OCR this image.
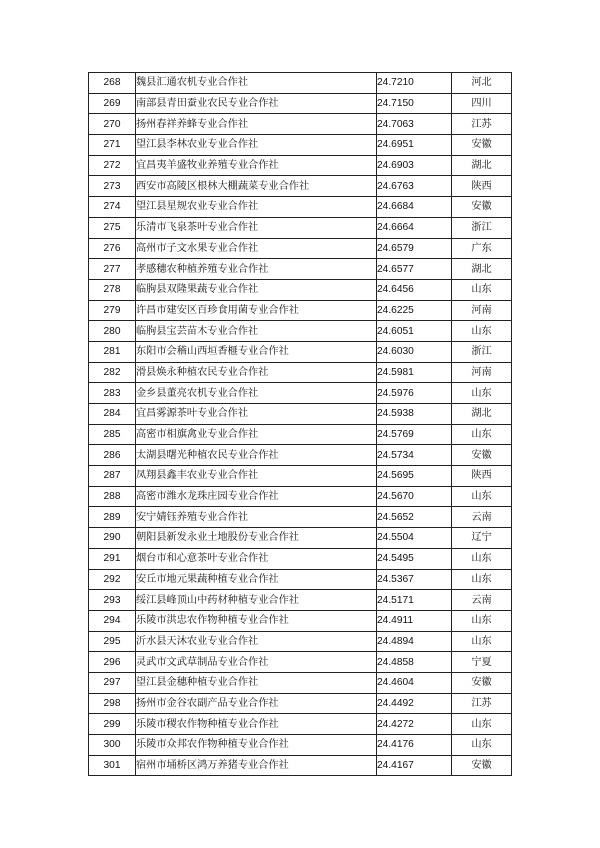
268	魏县汇通农机专业合作社	24.7210	河北
269	南部县青田蚕业农民专业合作社	24.7150	四川
270	扬州春祥养蜂专业合作社	24.7063	江苏
271	望江县李林农业专业合作社	24.6951	安徽
272	宜昌夷羊盛牧业养殖专业合作社	24.6903	湖北
273	西安市高陵区根林大棚蔬菜专业合作社	24.6763	陕西
274	望江县星规农业专业合作社	24.6684	安徽
275	乐清市飞泉茶叶专业合作社	24.6664	浙江
276	高州市子文水果专业合作社	24.6579	广东
277	孝感穗农种植养殖专业合作社	24.6577	湖北
278	临朐县双隆果蔬专业合作社	24.6456	山东
279	许昌市建安区百珍食用菌专业合作社	24.6225	河南
280	临朐县宝芸苗木专业合作社	24.6051	山东
281	东阳市会稽山西垣香榧专业合作社	24.6030	浙江
282	滑县焕永种植农民专业合作社	24.5981	河南
283	金乡县董亮农机专业合作社	24.5976	山东
284	宜昌雾源茶叶专业合作社	24.5938	湖北
285	高密市相旗禽业专业合作社	24.5769	山东
286	太湖县曙光种植农民专业合作社	24.5734	安徽
287	凤翔县鑫丰农业专业合作社	24.5695	陕西
288	高密市潍水龙珠庄园专业合作社	24.5670	山东
289	安宁婧钰养殖专业合作社	24.5652	云南
290	朝阳县新发永业土地股份专业合作社	24.5504	辽宁
291	烟台市和心意茶叶专业合作社	24.5495	山东
292	安丘市地元果蔬种植专业合作社	24.5367	山东
293	绥江县峰顶山中药材种植专业合作社	24.5171	云南
294	乐陵市洪忠农作物种植专业合作社	24.4911	山东
295	沂水县天沐农业专业合作社	24.4894	山东
296	灵武市文武草制品专业合作社	24.4858	宁夏
297	望江县金穗种植专业合作社	24.4604	安徽
298	扬州市金谷农副产品专业合作社	24.4492	江苏
299	乐陵市稷农作物种植专业合作社	24.4272	山东
300	乐陵市众邦农作物种植专业合作社	24.4176	山东
301	宿州市埇桥区鸿万养猪专业合作社	24.4167	安徽
